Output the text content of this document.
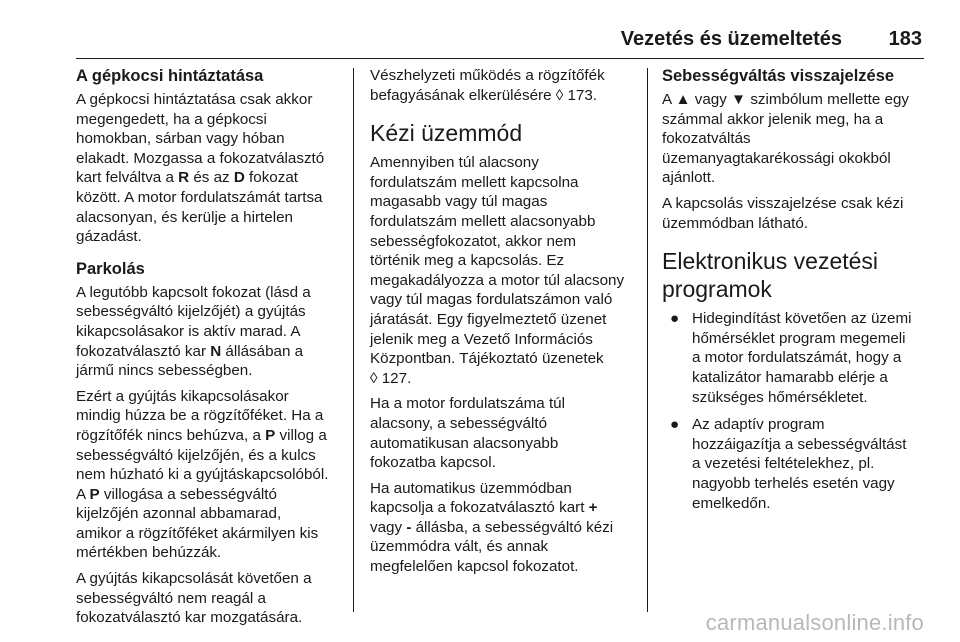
Vezetés és üzemeltetés 183
A gépkocsi hintáztatása

A gépkocsi hintáztatása csak akkor
megengedett, ha a gépkocsi
homokban, sárban vagy hóban
elakadt. Mozgassa a fokozatválasztó
kart felváltva a R és az D fokozat
között. A motor fordulatszámát tartsa
alacsonyan, és kerülje a hirtelen
gázadást.

Parkolás

A legutóbb kapcsolt fokozat (lásd a
sebességváltó kijelzőjét) a gyújtás
kikapcsolásakor is aktív marad. A
fokozatválasztó kar N állásában a
jármű nincs sebességben.

Ezért a gyújtás kikapcsolásakor
mindig húzza be a rögzítőféket. Ha a
rögzítőfék nincs behúzva, a P villog a
sebességváltó kijelzőjén, és a kulcs
nem húzható ki a gyújtáskapcsolóból.
A P villogása a sebességváltó
kijelzőjén azonnal abbamarad,
amikor a rögzítőféket akármilyen kis
mértékben behúzzák.

A gyújtás kikapcsolását követően a
sebességváltó nem reagál a
fokozatválasztó kar mozgatására.

Vészhelyzeti működés a rögzítőfék
befagyásának elkerülésére ◊ 173.

Kézi üzemmód

Amennyiben túl alacsony
fordulatszám mellett kapcsolna
magasabb vagy túl magas
fordulatszám mellett alacsonyabb
sebességfokozatot, akkor nem
történik meg a kapcsolás. Ez
megakadályozza a motor túl alacsony
vagy túl magas fordulatszámon való
járatását. Egy figyelmeztető üzenet
jelenik meg a Vezető Információs
Központban. Tájékoztató üzenetek
◊ 127.

Ha a motor fordulatszáma túl
alacsony, a sebességváltó
automatikusan alacsonyabb
fokozatba kapcsol.

Ha automatikus üzemmódban
kapcsolja a fokozatválasztó kart +
vagy - állásba, a sebességváltó kézi
üzemmódra vált, és annak
megfelelően kapcsol fokozatot.

Sebességváltás visszajelzése

A ▲ vagy ▼ szimbólum mellette egy
számmal akkor jelenik meg, ha a
fokozatváltás
üzemanyagtakarékossági okokból
ajánlott.

A kapcsolás visszajelzése csak kézi
üzemmódban látható.

Elektronikus vezetési
programok
● Hidegindítást követően az üzemi
hőmérséklet program megemeli
a motor fordulatszámát, hogy a
katalizátor hamarabb elérje a
szükséges hőmérsékletet.
● Az adaptív program
hozzáigazítja a sebességváltást
a vezetési feltételekhez, pl.
nagyobb terhelés esetén vagy
emelkedőn.
carmanualsonline.info
